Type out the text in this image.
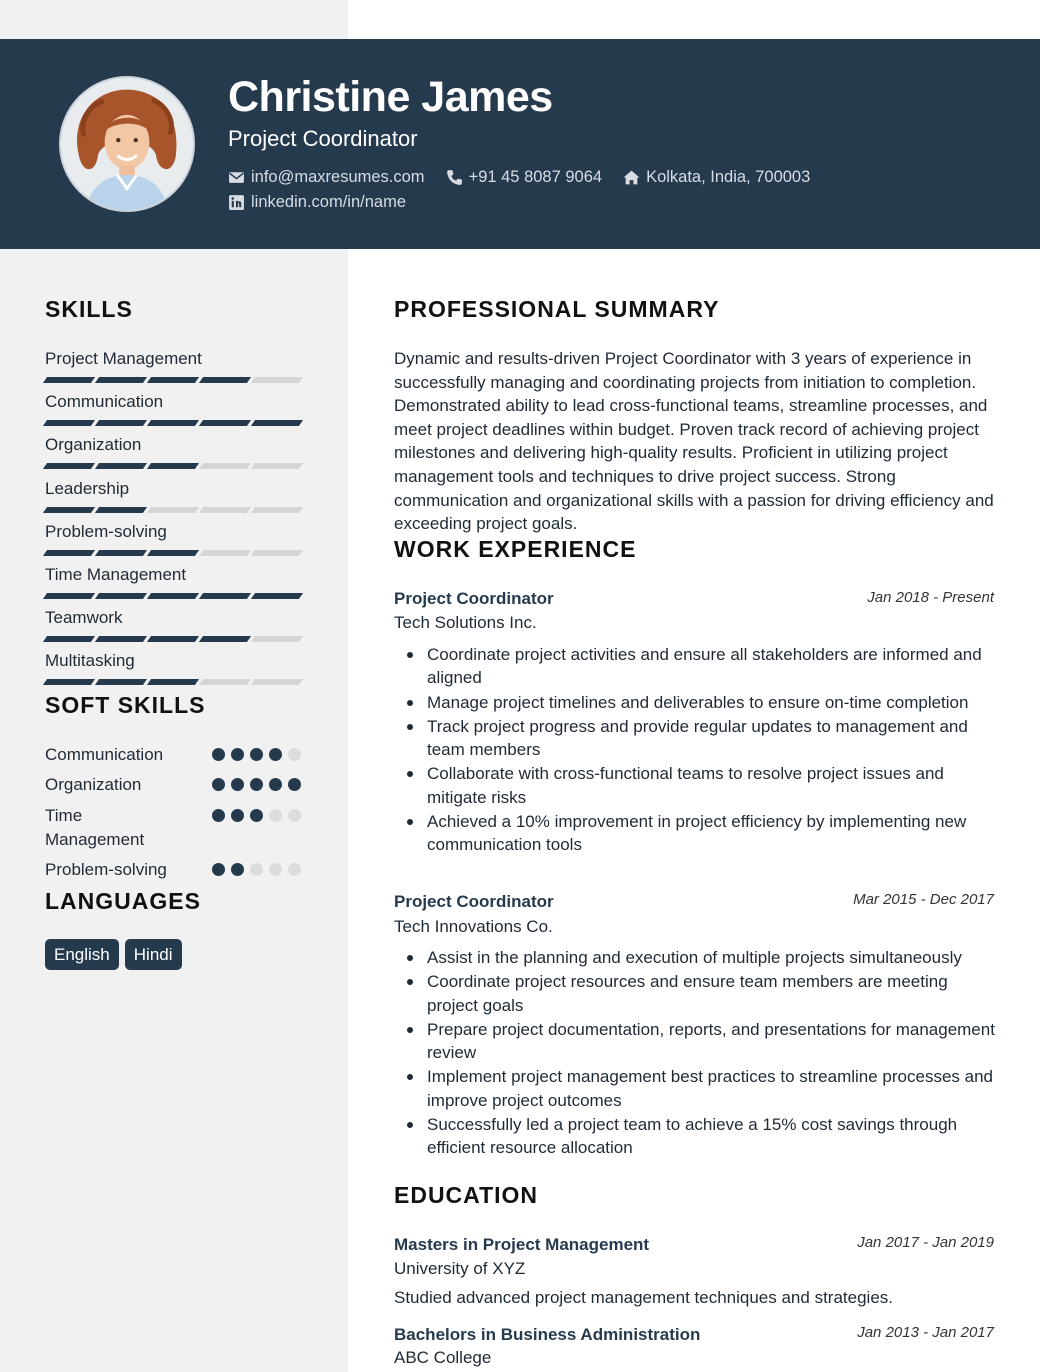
Christine James
Project Coordinator
info@maxresumes.com	+91 45 8087 9064	Kolkata, India, 700003
linkedin.com/in/name
SKILLS
Project Management
Communication
Organization
Leadership
Problem-solving
Time Management
Teamwork
Multitasking
SOFT SKILLS
Communication
Organization
Time Management
Problem-solving
LANGUAGES
English	Hindi
PROFESSIONAL SUMMARY
Dynamic and results-driven Project Coordinator with 3 years of experience in successfully managing and coordinating projects from initiation to completion. Demonstrated ability to lead cross-functional teams, streamline processes, and meet project deadlines within budget. Proven track record of achieving project milestones and delivering high-quality results. Proficient in utilizing project management tools and techniques to drive project success. Strong communication and organizational skills with a passion for driving efficiency and exceeding project goals.
WORK EXPERIENCE
Project Coordinator	Jan 2018 - Present
Tech Solutions Inc.
Coordinate project activities and ensure all stakeholders are informed and aligned
Manage project timelines and deliverables to ensure on-time completion
Track project progress and provide regular updates to management and team members
Collaborate with cross-functional teams to resolve project issues and mitigate risks
Achieved a 10% improvement in project efficiency by implementing new communication tools
Project Coordinator	Mar 2015 - Dec 2017
Tech Innovations Co.
Assist in the planning and execution of multiple projects simultaneously
Coordinate project resources and ensure team members are meeting project goals
Prepare project documentation, reports, and presentations for management review
Implement project management best practices to streamline processes and improve project outcomes
Successfully led a project team to achieve a 15% cost savings through efficient resource allocation
EDUCATION
Masters in Project Management	Jan 2017 - Jan 2019
University of XYZ
Studied advanced project management techniques and strategies.
Bachelors in Business Administration	Jan 2013 - Jan 2017
ABC College
